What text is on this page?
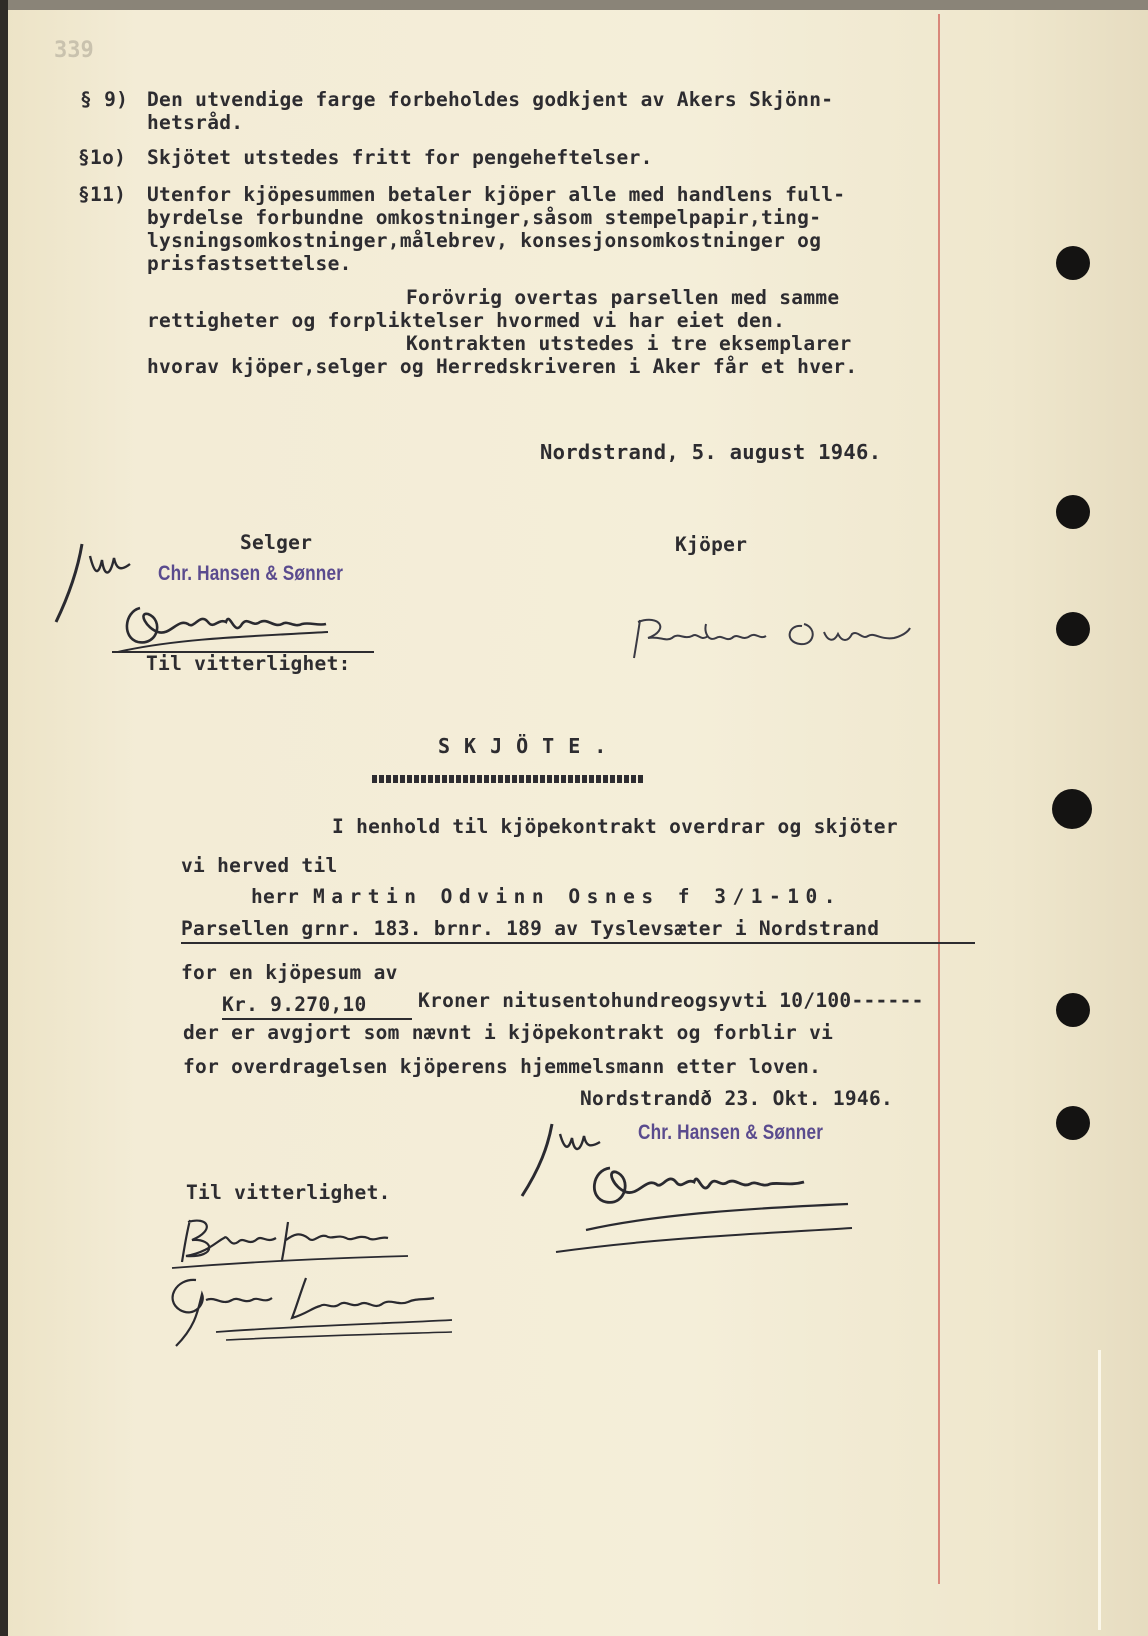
339
§ 9) Den utvendige farge forbeholdes godkjent av Akers Skjönn-
hetsråd.
§1o) Skjötet utstedes fritt for pengeheftelser.
§11) Utenfor kjöpesummen betaler kjöper alle med handlens full-
byrdelse forbundne omkostninger,såsom stempelpapir,ting-
lysningsomkostninger,målebrev, konsesjonsomkostninger og
prisfastsettelse.
Forövrig overtas parsellen med samme
rettigheter og forpliktelser hvormed vi har eiet den.
Kontrakten utstedes i tre eksemplarer
hvorav kjöper,selger og Herredskriveren i Aker får et hver.
Nordstrand, 5. august 1946.
Selger	Kjöper
Chr. Hansen & Sønner
Til vitterlighet:
SKJÖTE.
I henhold til kjöpekontrakt overdrar og skjöter
vi herved til
herr Martin Odvinn Osnes f 3/1-10.
Parsellen grnr. 183. brnr. 189 av Tyslevsæter i Nordstrand
for en kjöpesum av
Kr. 9.270,10	Kroner nitusentohundreogsyvti 10/100------
der er avgjort som nævnt i kjöpekontrakt og forblir vi
for overdragelsen kjöperens hjemmelsmann etter loven.
Nordstrandð 23. Okt. 1946.
Chr. Hansen & Sønner
Til vitterlighet.
